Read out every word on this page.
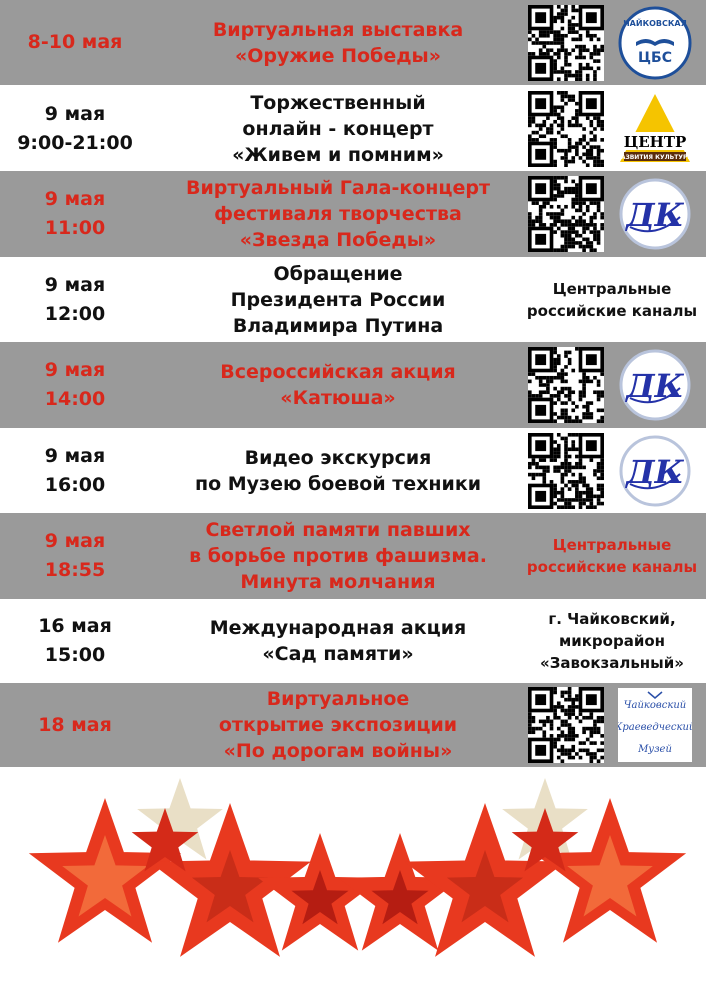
8-10 мая
Виртуальная выставка
«Оружие Победы»
ЧАЙКОВСКАЯ
ЦБС
9 мая
9:00-21:00
Торжественный
онлайн - концерт
«Живем и помним»
ЦЕНТР
РАЗВИТИЯ КУЛЬТУРЫ
9 мая
11:00
Виртуальный Гала-концерт
фестиваля творчества
«Звезда Победы»
ДК
9 мая
12:00
Обращение
Президента России
Владимира Путина
Центральные
российские каналы
9 мая
14:00
Всероссийская акция
«Катюша»	ДК
9 мая
16:00
Видео экскурсия
по Музею боевой техники	ДК
9 мая
18:55
Светлой памяти павших
в борьбе против фашизма.
Минута молчания
Центральные
российские каналы
16 мая
15:00
Международная акция
«Сад памяти»
г. Чайковский,
микрорайон
«Завокзальный»
18 мая
Виртуальное
открытие экспозиции
«По дорогам войны»
Чайковский
Краеведческий
Музей
